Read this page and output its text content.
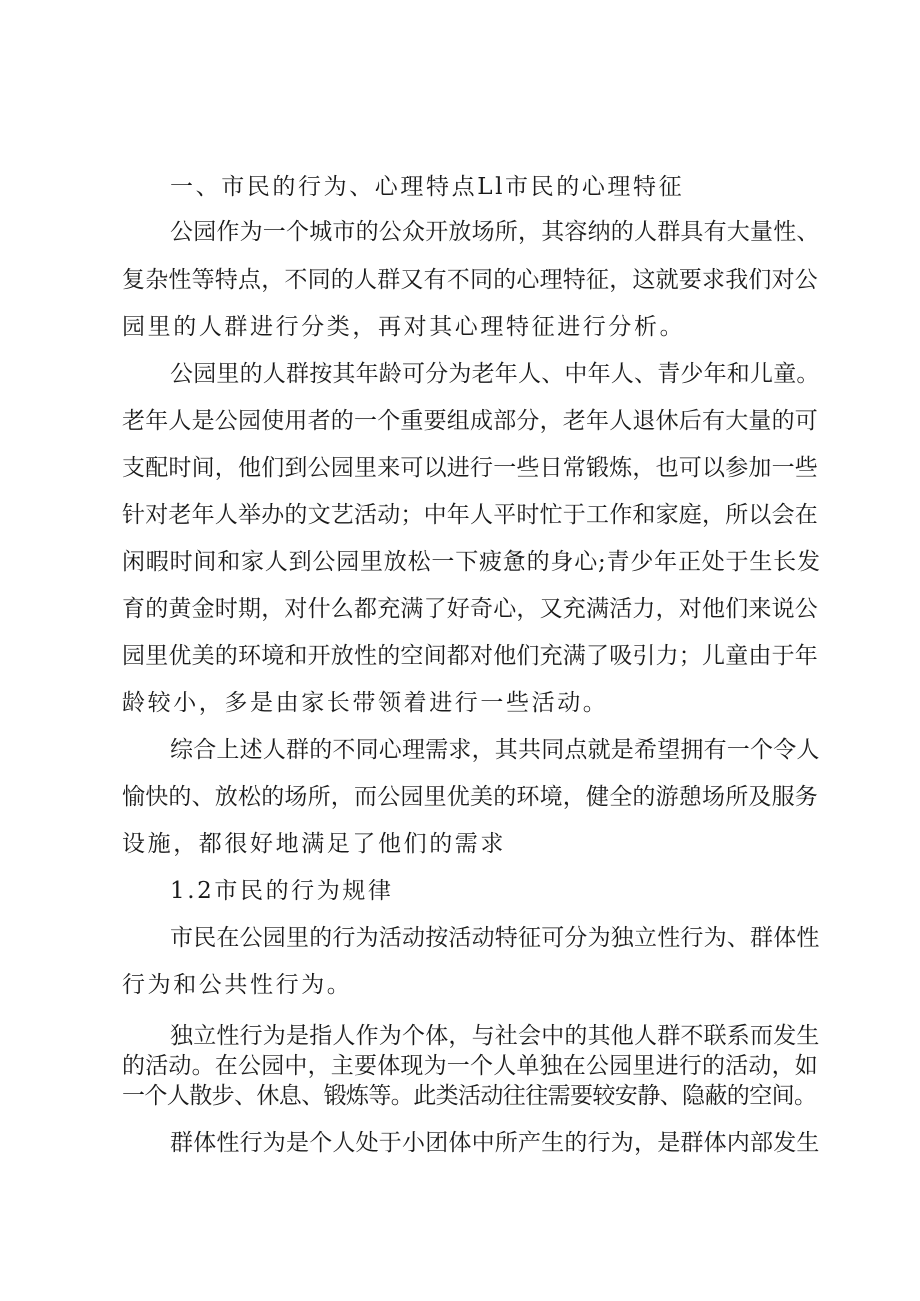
一、市民的行为、心理特点Ll市民的心理特征
公园作为一个城市的公众开放场所，其容纳的人群具有大量性、
复杂性等特点，不同的人群又有不同的心理特征，这就要求我们对公
园里的人群进行分类，再对其心理特征进行分析。
公园里的人群按其年龄可分为老年人、中年人、青少年和儿童。
老年人是公园使用者的一个重要组成部分，老年人退休后有大量的可
支配时间，他们到公园里来可以进行一些日常锻炼，也可以参加一些
针对老年人举办的文艺活动；中年人平时忙于工作和家庭，所以会在
闲暇时间和家人到公园里放松一下疲惫的身心;青少年正处于生长发
育的黄金时期，对什么都充满了好奇心，又充满活力，对他们来说公
园里优美的环境和开放性的空间都对他们充满了吸引力；儿童由于年
龄较小，多是由家长带领着进行一些活动。
综合上述人群的不同心理需求，其共同点就是希望拥有一个令人
愉快的、放松的场所，而公园里优美的环境，健全的游憩场所及服务
设施，都很好地满足了他们的需求
1.2市民的行为规律
市民在公园里的行为活动按活动特征可分为独立性行为、群体性
行为和公共性行为。
独立性行为是指人作为个体，与社会中的其他人群不联系而发生
的活动。在公园中，主要体现为一个人单独在公园里进行的活动，如
一个人散步、休息、锻炼等。此类活动往往需要较安静、隐蔽的空间。
群体性行为是个人处于小团体中所产生的行为，是群体内部发生
